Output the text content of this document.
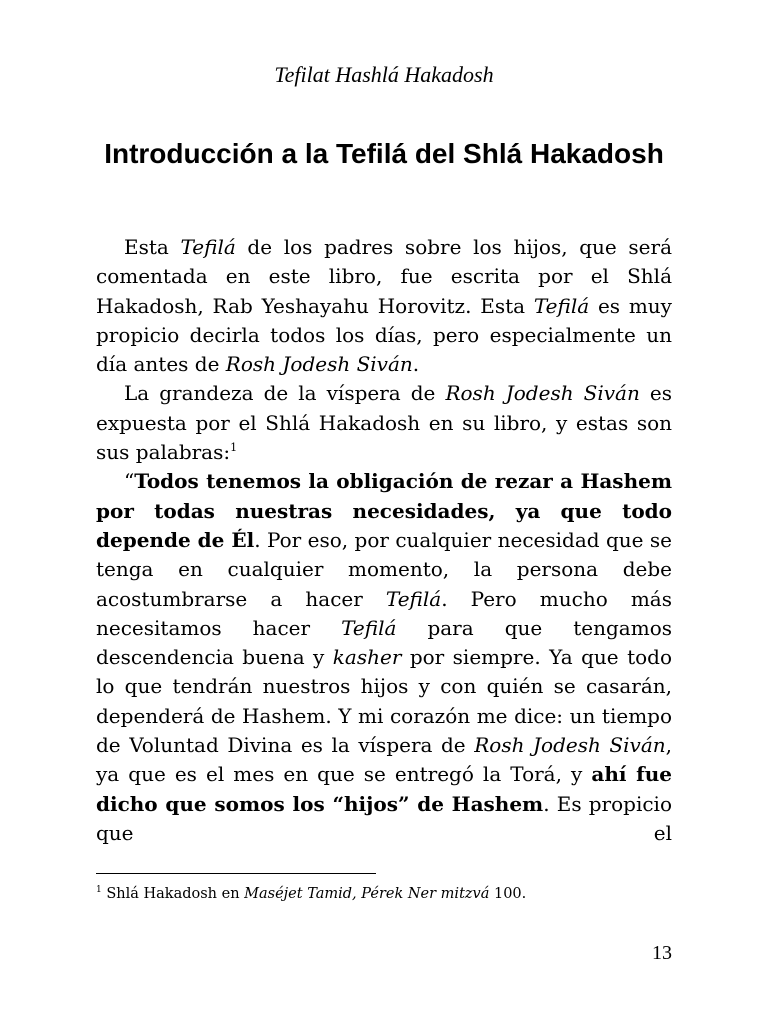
Tefilat Hashlá Hakadosh
Introducción a la Tefilá del Shlá Hakadosh

Esta Tefilá de los padres sobre los hijos, que será comentada en este libro, fue escrita por el Shlá Hakadosh, Rab Yeshayahu Horovitz. Esta Tefilá es muy propicio decirla todos los días, pero especialmente un día antes de Rosh Jodesh Siván.

La grandeza de la víspera de Rosh Jodesh Siván es expuesta por el Shlá Hakadosh en su libro, y estas son sus palabras:$^1$

“Todos tenemos la obligación de rezar a Hashem por todas nuestras necesidades, ya que todo depende de Él. Por eso, por cualquier necesidad que se tenga en cualquier momento, la persona debe acostumbrarse a hacer Tefilá. Pero mucho más necesitamos hacer Tefilá para que tengamos descendencia buena y kasher por siempre. Ya que todo lo que tendrán nuestros hijos y con quién se casarán, dependerá de Hashem. Y mi corazón me dice: un tiempo de Voluntad Divina es la víspera de Rosh Jodesh Siván, ya que es el mes en que se entregó la Torá, y ahí fue dicho que somos los “hijos” de Hashem. Es propicio que el

$^1$ Shlá Hakadosh en Maséjet Tamid, Pérek Ner mitzvá 100.
13
